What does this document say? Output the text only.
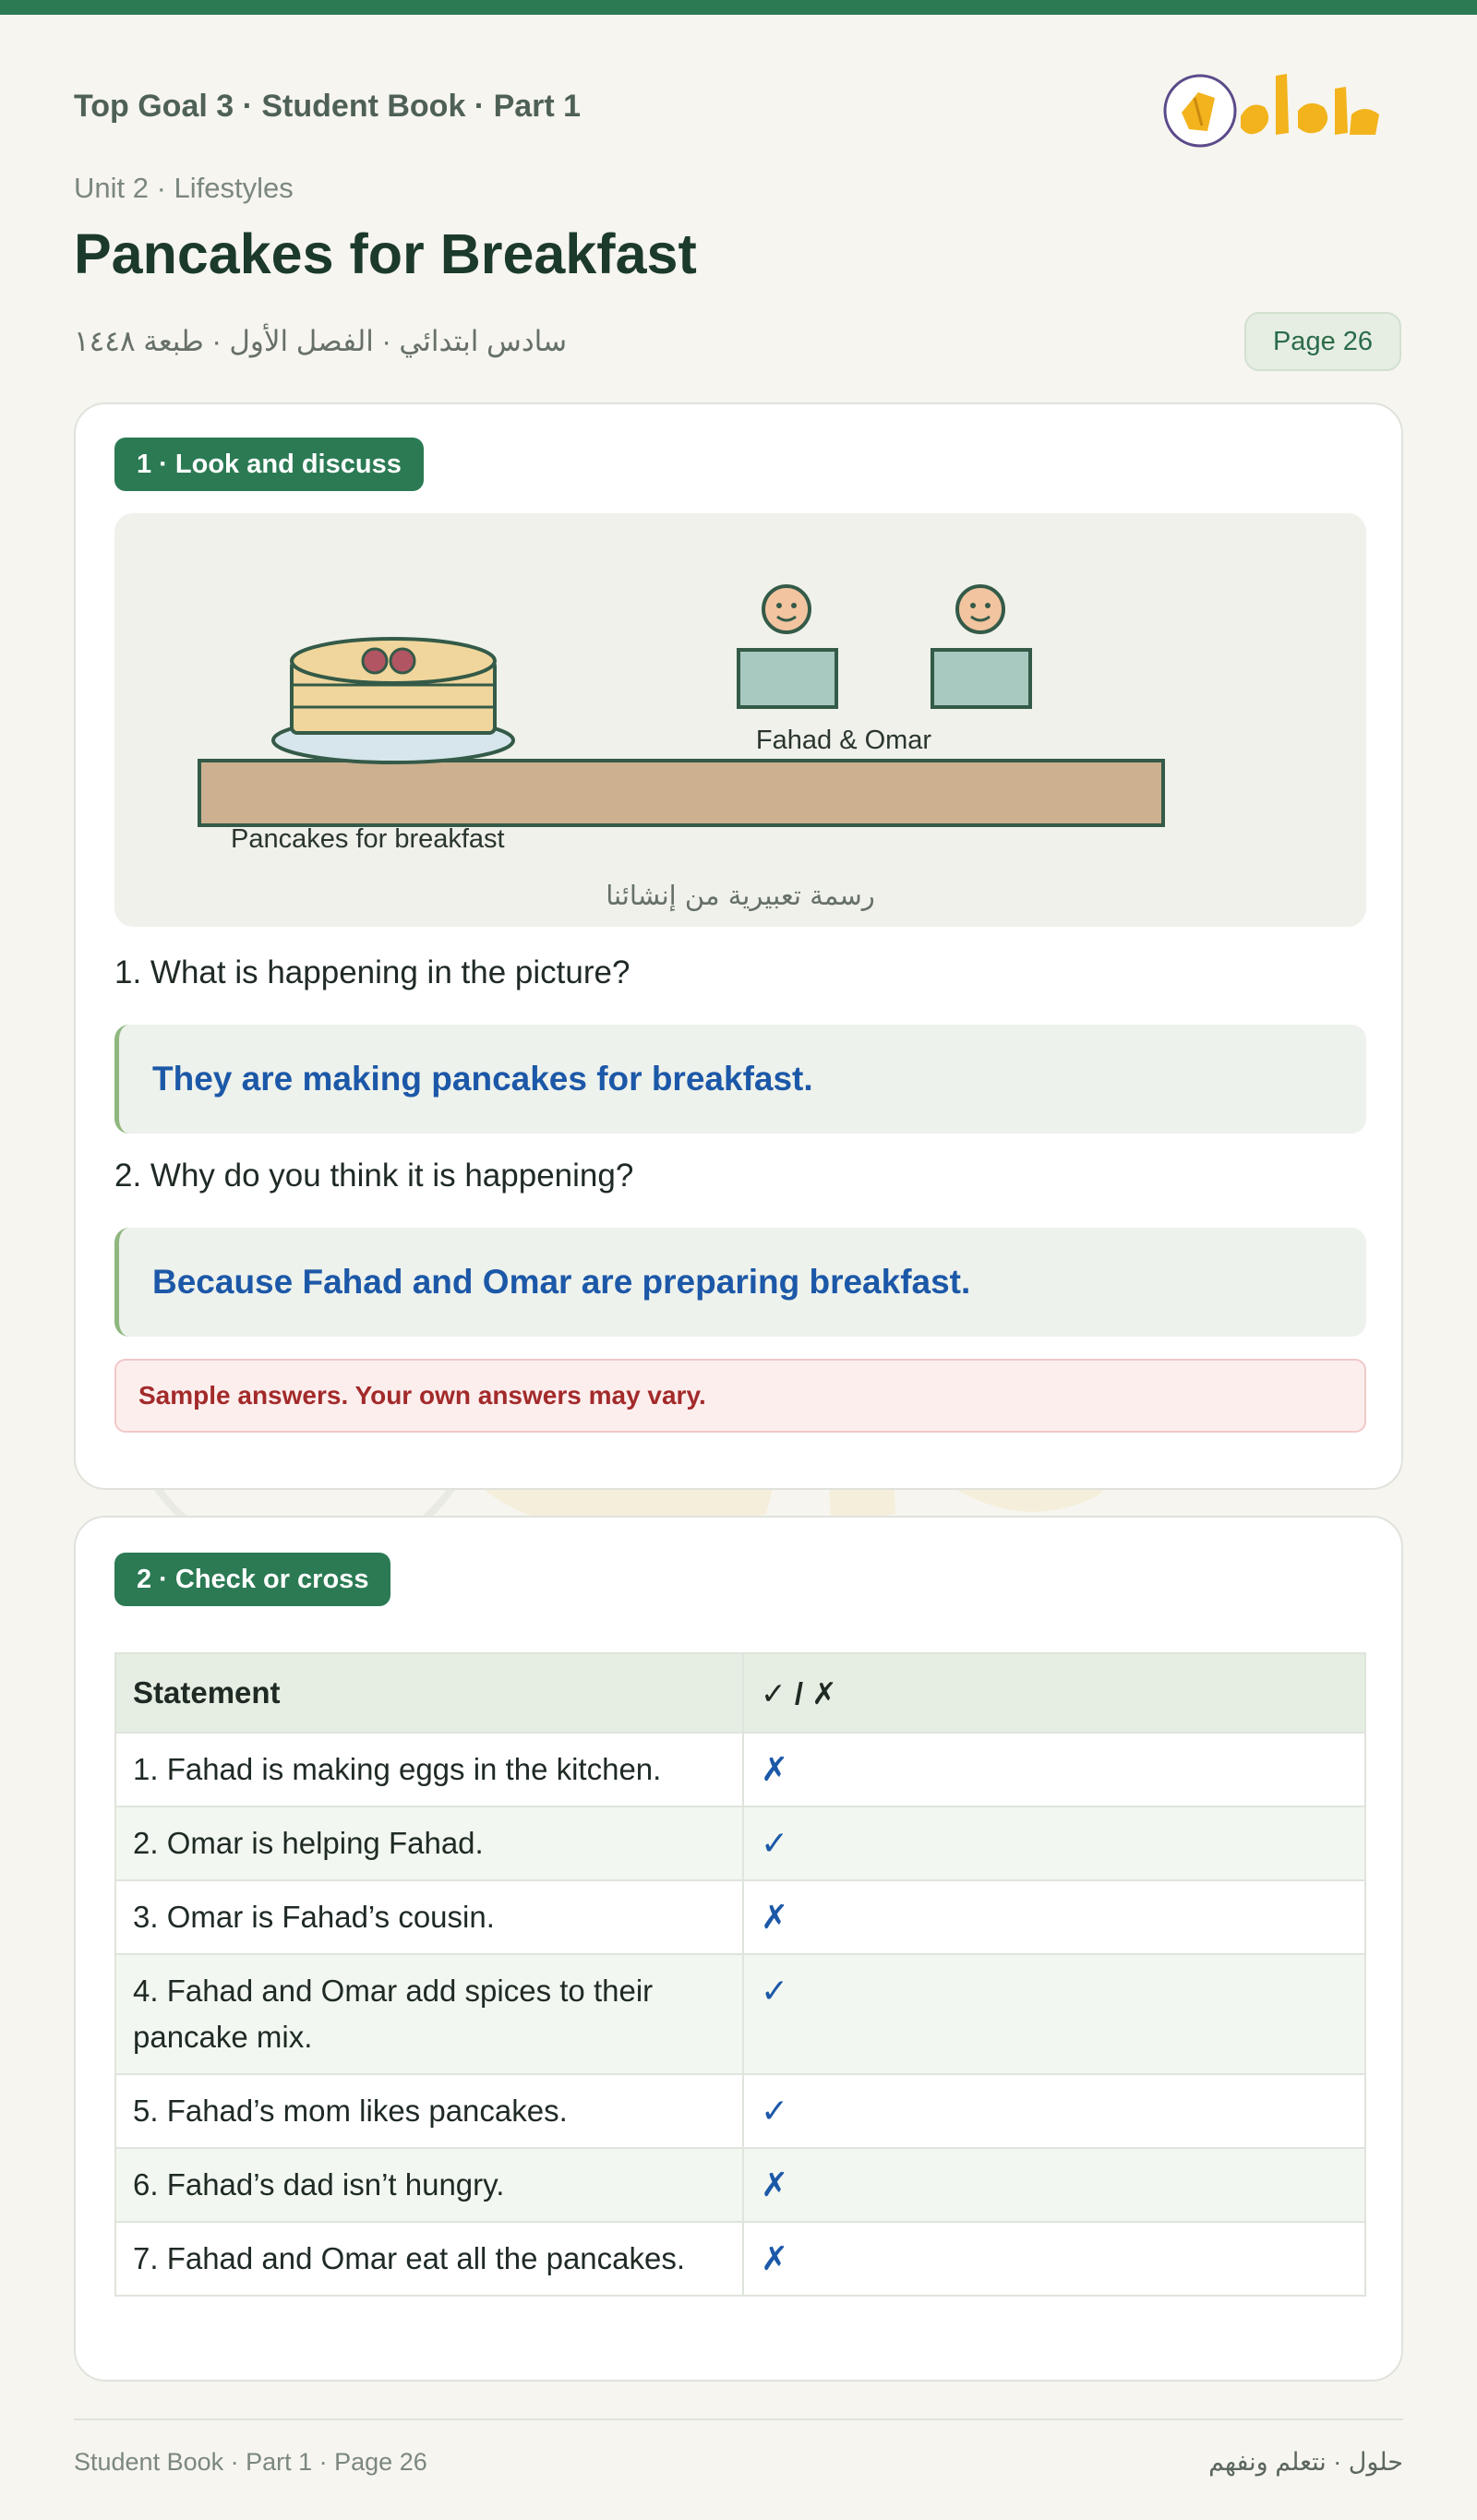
Top Goal 3 · Student Book · Part 1
Unit 2 · Lifestyles
Pancakes for Breakfast
سادس ابتدائي · الفصل الأول · طبعة ١٤٤٨	Page 26
1 · Look and discuss
Fahad & Omar
Pancakes for breakfast
رسمة تعبيرية من إنشائنا
1. What is happening in the picture?
They are making pancakes for breakfast.
2. Why do you think it is happening?
Because Fahad and Omar are preparing breakfast.
Sample answers. Your own answers may vary.
2 · Check or cross
Statement	✓ / ✗
1. Fahad is making eggs in the kitchen.	✗
2. Omar is helping Fahad.	✓
3. Omar is Fahad’s cousin.	✗
4. Fahad and Omar add spices to their pancake mix.	✓
5. Fahad’s mom likes pancakes.	✓
6. Fahad’s dad isn’t hungry.	✗
7. Fahad and Omar eat all the pancakes.	✗
Student Book · Part 1 · Page 26	حلول · نتعلم ونفهم
